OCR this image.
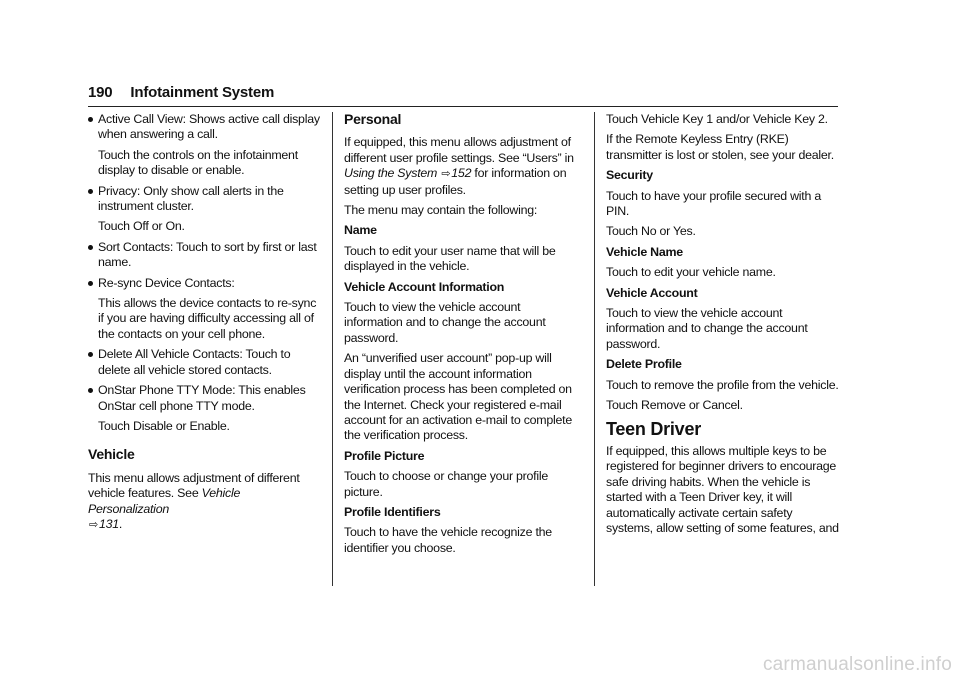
190 Infotainment System
Active Call View: Shows active call display when answering a call.

Touch the controls on the infotainment display to disable or enable.

Privacy: Only show call alerts in the instrument cluster.

Touch Off or On.

Sort Contacts: Touch to sort by first or last name.
Re-sync Device Contacts:

This allows the device contacts to re-sync if you are having difficulty accessing all of the contacts on your cell phone.

Delete All Vehicle Contacts: Touch to delete all vehicle stored contacts.
OnStar Phone TTY Mode: This enables OnStar cell phone TTY mode.

Touch Disable or Enable.

Vehicle

This menu allows adjustment of different vehicle features. See Vehicle Personalization
⇨131.

Personal

If equipped, this menu allows adjustment of different user profile settings. See “Users” in Using the System ⇨152 for information on setting up user profiles.

The menu may contain the following:

Name

Touch to edit your user name that will be displayed in the vehicle.

Vehicle Account Information

Touch to view the vehicle account information and to change the account password.

An “unverified user account” pop-up will display until the account information verification process has been completed on the Internet. Check your registered e-mail account for an activation e-mail to complete the verification process.

Profile Picture

Touch to choose or change your profile picture.

Profile Identifiers

Touch to have the vehicle recognize the identifier you choose.

Touch Vehicle Key 1 and/or Vehicle Key 2.

If the Remote Keyless Entry (RKE) transmitter is lost or stolen, see your dealer.

Security

Touch to have your profile secured with a PIN.

Touch No or Yes.

Vehicle Name

Touch to edit your vehicle name.

Vehicle Account

Touch to view the vehicle account information and to change the account password.

Delete Profile

Touch to remove the profile from the vehicle.

Touch Remove or Cancel.

Teen Driver

If equipped, this allows multiple keys to be registered for beginner drivers to encourage safe driving habits. When the vehicle is started with a Teen Driver key, it will automatically activate certain safety systems, allow setting of some features, and

carmanualsonline.info
